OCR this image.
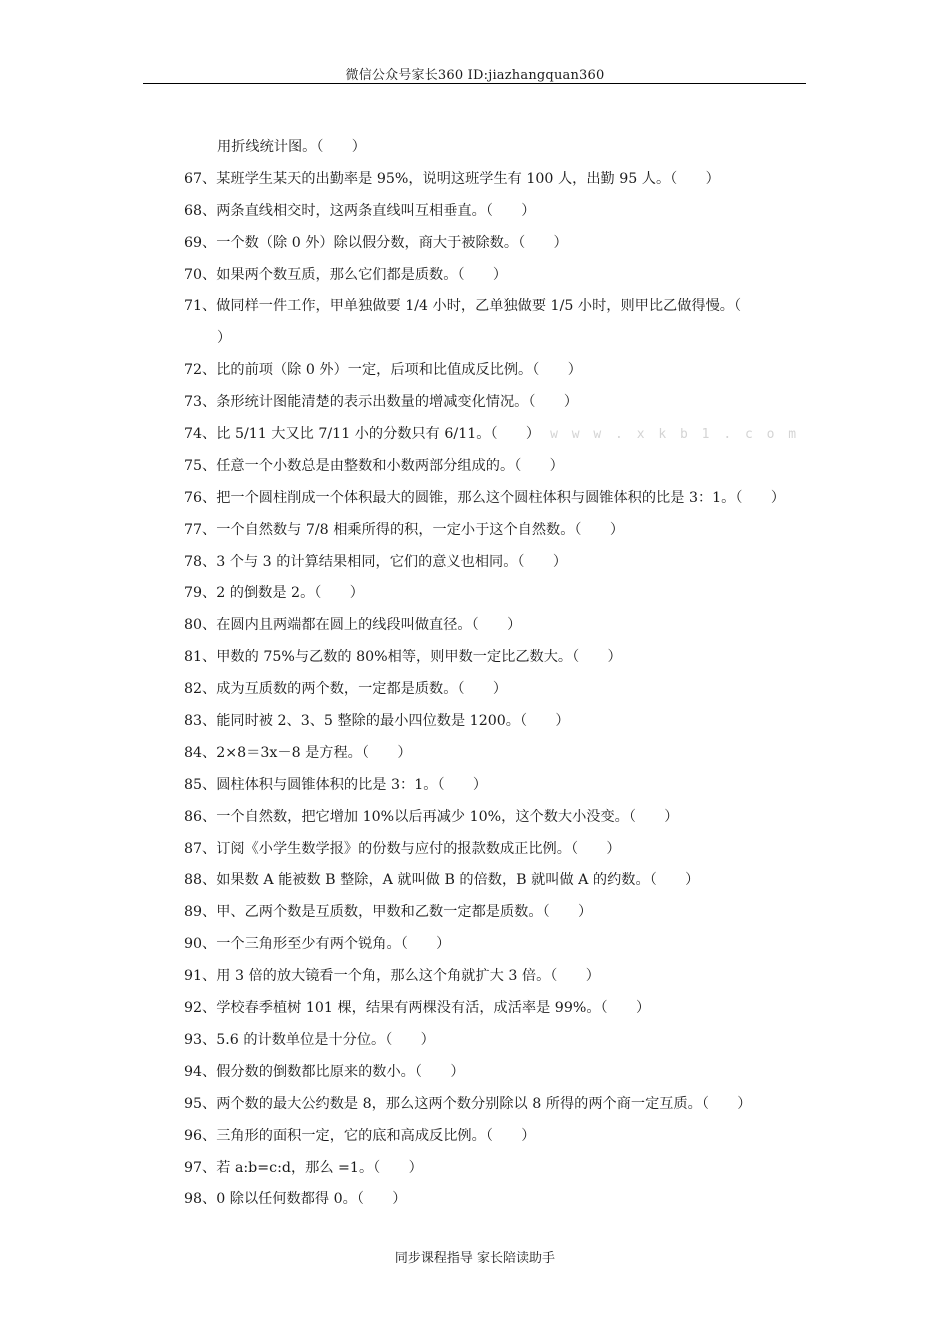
微信公众号家长360 ID:jiazhangquan360
用折线统计图。（　　）
67、某班学生某天的出勤率是 95%，说明这班学生有 100 人，出勤 95 人。（　　）
68、两条直线相交时，这两条直线叫互相垂直。（　　）
69、一个数（除 0 外）除以假分数，商大于被除数。（　　）
70、如果两个数互质，那么它们都是质数。（　　）
71、做同样一件工作，甲单独做要 1/4 小时，乙单独做要 1/5 小时，则甲比乙做得慢。（
）
72、比的前项（除 0 外）一定，后项和比值成反比例。（　　）
73、条形统计图能清楚的表示出数量的增减变化情况。（　　）
74、比 5/11 大又比 7/11 小的分数只有 6/11。（　　） w w w . x k b 1 . c o m
75、任意一个小数总是由整数和小数两部分组成的。（　　）
76、把一个圆柱削成一个体积最大的圆锥，那么这个圆柱体积与圆锥体积的比是 3：1。（　　）
77、一个自然数与 7/8 相乘所得的积，一定小于这个自然数。（　　）
78、3 个与 3 的计算结果相同，它们的意义也相同。（　　）
79、2 的倒数是 2。（　　）
80、在圆内且两端都在圆上的线段叫做直径。（　　）
81、甲数的 75%与乙数的 80%相等，则甲数一定比乙数大。（　　）
82、成为互质数的两个数，一定都是质数。（　　）
83、能同时被 2、3、5 整除的最小四位数是 1200。（　　）
84、2×8＝3x－8 是方程。（　　）
85、圆柱体积与圆锥体积的比是 3：1。（　　）
86、一个自然数，把它增加 10%以后再减少 10%，这个数大小没变。（　　）
87、订阅《小学生数学报》的份数与应付的报款数成正比例。（　　）
88、如果数 A 能被数 B 整除，A 就叫做 B 的倍数，B 就叫做 A 的约数。（　　）
89、甲、乙两个数是互质数，甲数和乙数一定都是质数。（　　）
90、一个三角形至少有两个锐角。（　　）
91、用 3 倍的放大镜看一个角，那么这个角就扩大 3 倍。（　　）
92、学校春季植树 101 棵，结果有两棵没有活，成活率是 99%。（　　）
93、5.6 的计数单位是十分位。（　　）
94、假分数的倒数都比原来的数小。（　　）
95、两个数的最大公约数是 8，那么这两个数分别除以 8 所得的两个商一定互质。（　　）
96、三角形的面积一定，它的底和高成反比例。（　　）
97、若 a:b=c:d，那么 =1。（　　）
98、0 除以任何数都得 0。（　　）
同步课程指导 家长陪读助手
